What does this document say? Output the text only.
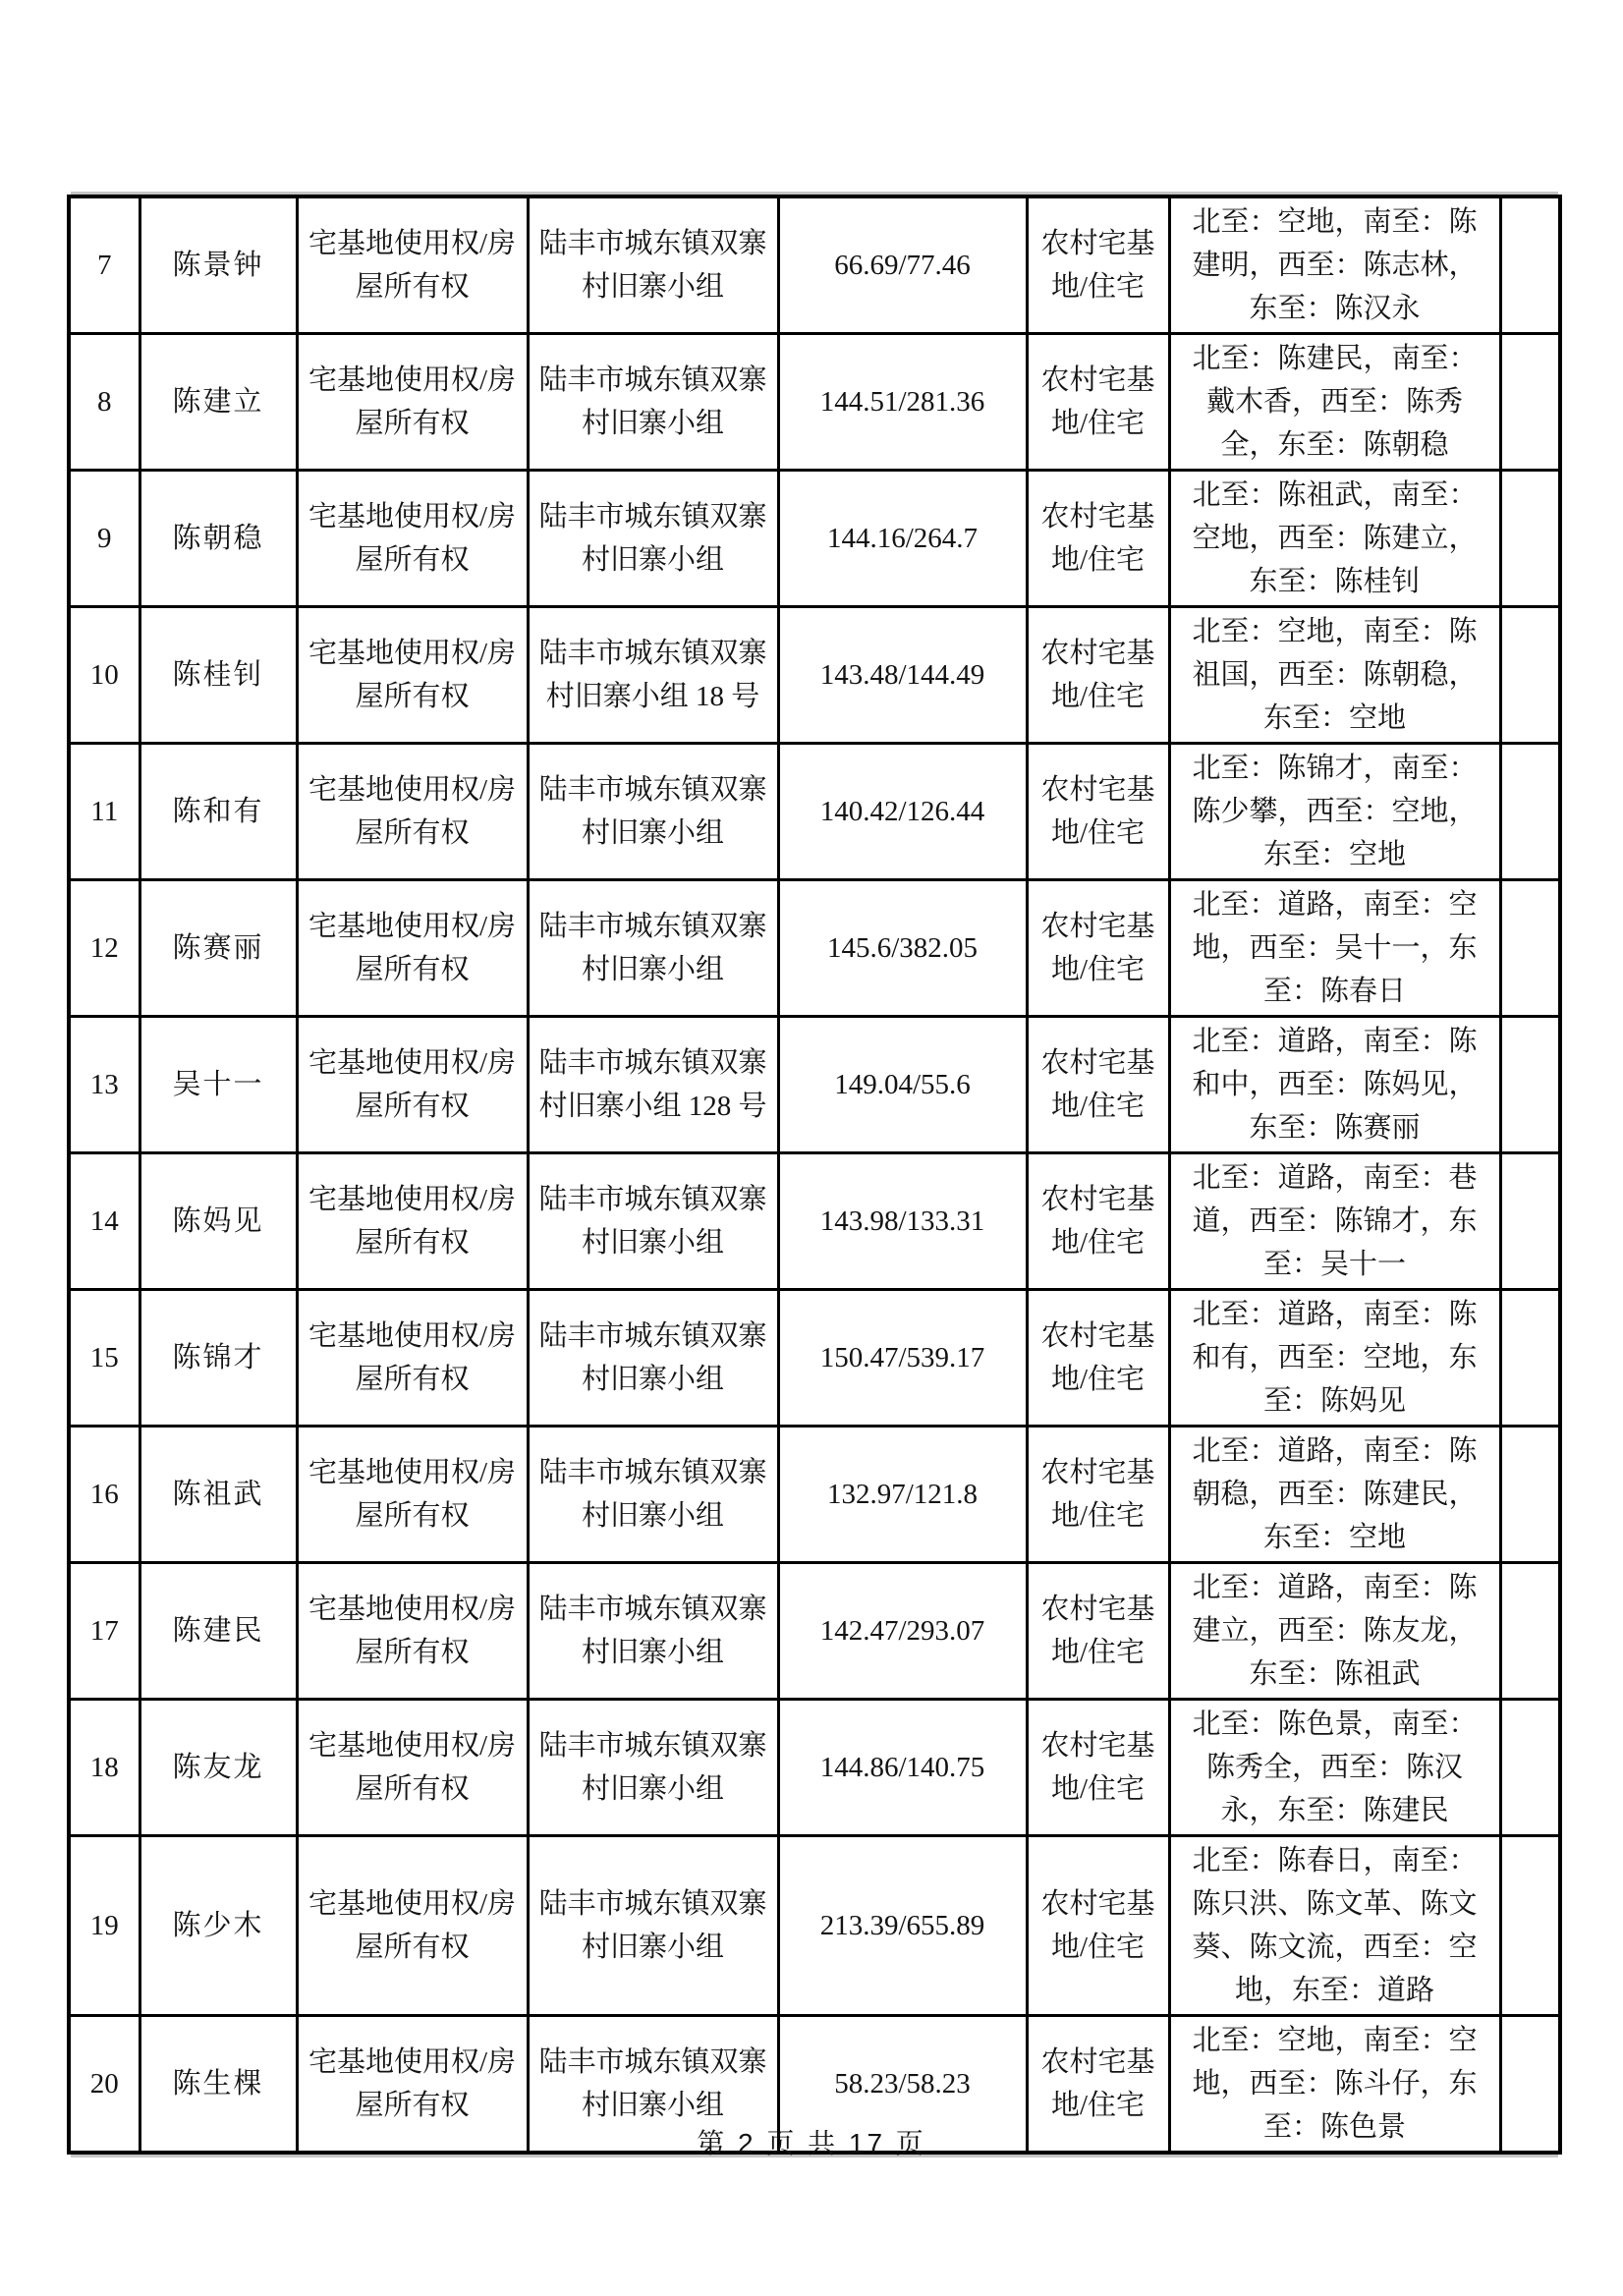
7	陈景钟	宅基地使用权/房屋所有权	陆丰市城东镇双寨村旧寨小组	66.69/77.46	农村宅基地/住宅	北至：空地，南至：陈建明，西至：陈志林，东至：陈汉永	
8	陈建立	宅基地使用权/房屋所有权	陆丰市城东镇双寨村旧寨小组	144.51/281.36	农村宅基地/住宅	北至：陈建民，南至：戴木香，西至：陈秀全，东至：陈朝稳	
9	陈朝稳	宅基地使用权/房屋所有权	陆丰市城东镇双寨村旧寨小组	144.16/264.7	农村宅基地/住宅	北至：陈祖武，南至：空地，西至：陈建立，东至：陈桂钊	
10	陈桂钊	宅基地使用权/房屋所有权	陆丰市城东镇双寨村旧寨小组 18 号	143.48/144.49	农村宅基地/住宅	北至：空地，南至：陈祖国，西至：陈朝稳，东至：空地	
11	陈和有	宅基地使用权/房屋所有权	陆丰市城东镇双寨村旧寨小组	140.42/126.44	农村宅基地/住宅	北至：陈锦才，南至：陈少攀，西至：空地，东至：空地	
12	陈赛丽	宅基地使用权/房屋所有权	陆丰市城东镇双寨村旧寨小组	145.6/382.05	农村宅基地/住宅	北至：道路，南至：空地，西至：吴十一，东至：陈春日	
13	吴十一	宅基地使用权/房屋所有权	陆丰市城东镇双寨村旧寨小组 128 号	149.04/55.6	农村宅基地/住宅	北至：道路，南至：陈和中，西至：陈妈见，东至：陈赛丽	
14	陈妈见	宅基地使用权/房屋所有权	陆丰市城东镇双寨村旧寨小组	143.98/133.31	农村宅基地/住宅	北至：道路，南至：巷道，西至：陈锦才，东至：吴十一	
15	陈锦才	宅基地使用权/房屋所有权	陆丰市城东镇双寨村旧寨小组	150.47/539.17	农村宅基地/住宅	北至：道路，南至：陈和有，西至：空地，东至：陈妈见	
16	陈祖武	宅基地使用权/房屋所有权	陆丰市城东镇双寨村旧寨小组	132.97/121.8	农村宅基地/住宅	北至：道路，南至：陈朝稳，西至：陈建民，东至：空地	
17	陈建民	宅基地使用权/房屋所有权	陆丰市城东镇双寨村旧寨小组	142.47/293.07	农村宅基地/住宅	北至：道路，南至：陈建立，西至：陈友龙，东至：陈祖武	
18	陈友龙	宅基地使用权/房屋所有权	陆丰市城东镇双寨村旧寨小组	144.86/140.75	农村宅基地/住宅	北至：陈色景，南至：陈秀全，西至：陈汉永，东至：陈建民	
19	陈少木	宅基地使用权/房屋所有权	陆丰市城东镇双寨村旧寨小组	213.39/655.89	农村宅基地/住宅	北至：陈春日，南至：陈只洪、陈文革、陈文葵、陈文流，西至：空地，东至：道路	
20	陈生棵	宅基地使用权/房屋所有权	陆丰市城东镇双寨村旧寨小组	58.23/58.23	农村宅基地/住宅	北至：空地，南至：空地，西至：陈斗仔，东至：陈色景	
第 2 页 共 17 页
